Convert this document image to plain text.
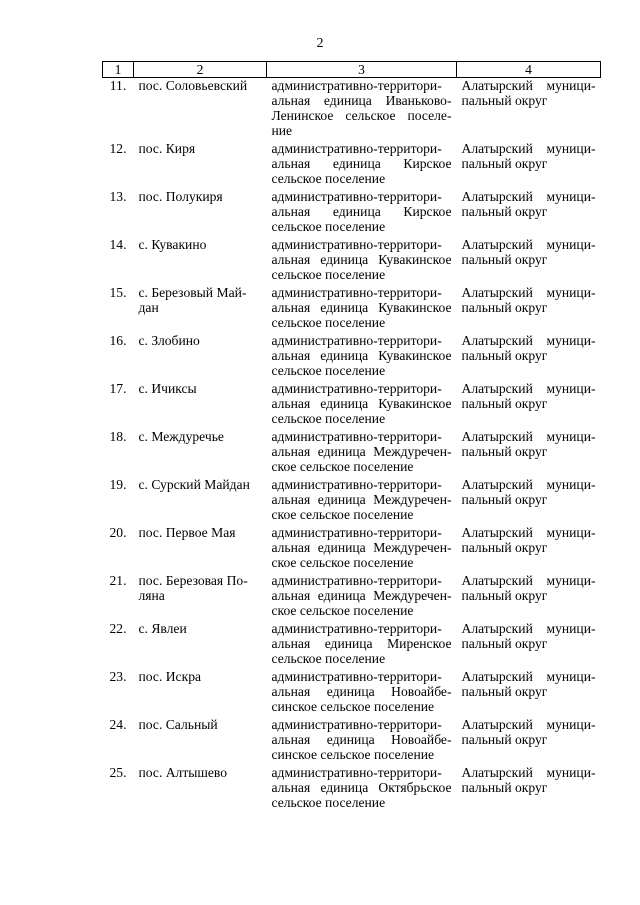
2
1	2	3	4
11.	пос. Соловьевский	административно-территори-альная единица Иваньково-Ленинское сельское поселе-ние	Алатырский муници-пальный округ
12.	пос. Киря	административно-территори-альная единица Кирское сельское поселение	Алатырский муници-пальный округ
13.	пос. Полукиря	административно-территори-альная единица Кирское сельское поселение	Алатырский муници-пальный округ
14.	с. Кувакино	административно-территори-альная единица Кувакинское сельское поселение	Алатырский муници-пальный округ
15.	с. Березовый Май-дан	административно-территори-альная единица Кувакинское сельское поселение	Алатырский муници-пальный округ
16.	с. Злобино	административно-территори-альная единица Кувакинское сельское поселение	Алатырский муници-пальный округ
17.	с. Ичиксы	административно-территори-альная единица Кувакинское сельское поселение	Алатырский муници-пальный округ
18.	с. Междуречье	административно-территори-альная единица Междуречен-ское сельское поселение	Алатырский муници-пальный округ
19.	с. Сурский Майдан	административно-территори-альная единица Междуречен-ское сельское поселение	Алатырский муници-пальный округ
20.	пос. Первое Мая	административно-территори-альная единица Междуречен-ское сельское поселение	Алатырский муници-пальный округ
21.	пос. Березовая По-ляна	административно-территори-альная единица Междуречен-ское сельское поселение	Алатырский муници-пальный округ
22.	с. Явлеи	административно-территори-альная единица Миренское сельское поселение	Алатырский муници-пальный округ
23.	пос. Искра	административно-территори-альная единица Новоайбе-синское сельское поселение	Алатырский муници-пальный округ
24.	пос. Сальный	административно-территори-альная единица Новоайбе-синское сельское поселение	Алатырский муници-пальный округ
25.	пос. Алтышево	административно-территори-альная единица Октябрьское сельское поселение	Алатырский муници-пальный округ
